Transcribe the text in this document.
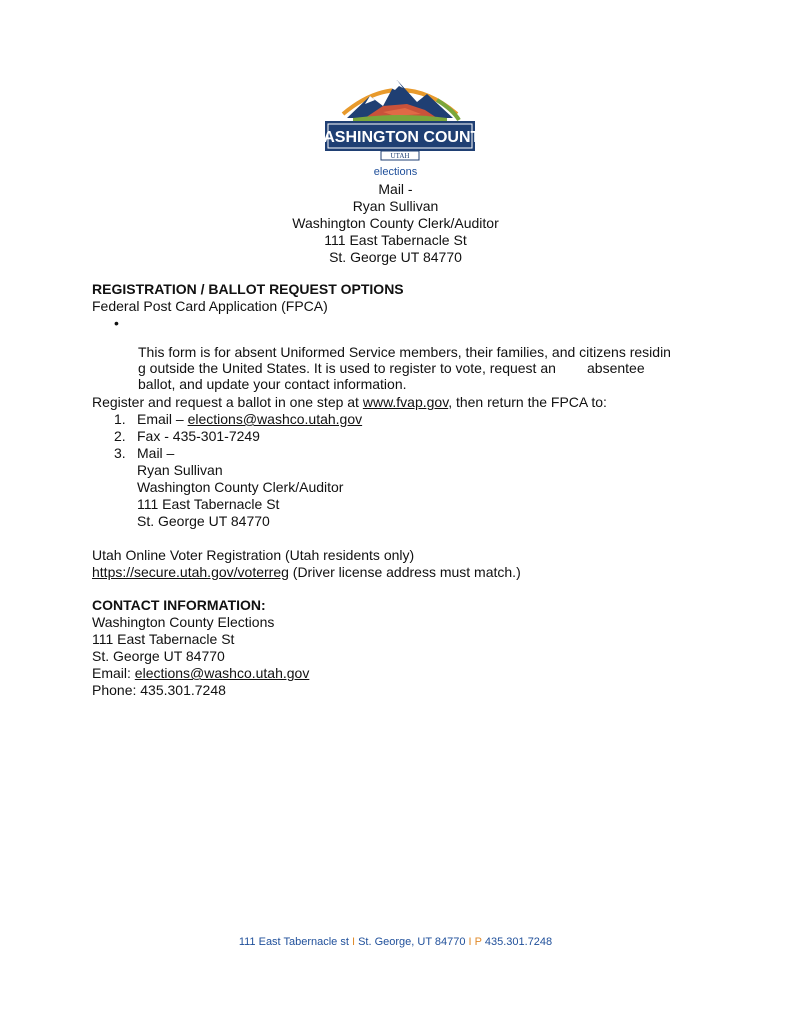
WASHINGTON COUNTY
UTAH
elections
Mail -
Ryan Sullivan
Washington County Clerk/Auditor
111 East Tabernacle St
St. George UT 84770
REGISTRATION / BALLOT REQUEST OPTIONS
Federal Post Card Application (FPCA)
•
This form is for absent Uniformed Service members, their families, and citizens residin
g outside the United States. It is used to register to vote, request an        absentee
ballot, and update your contact information.
Register and request a ballot in one step at www.fvap.gov, then return the FPCA to:
1. Email – elections@washco.utah.gov
2. Fax - 435-301-7249
3. Mail –
Ryan Sullivan
Washington County Clerk/Auditor
111 East Tabernacle St
St. George UT 84770
Utah Online Voter Registration (Utah residents only)
https://secure.utah.gov/voterreg (Driver license address must match.)
CONTACT INFORMATION:
Washington County Elections
111 East Tabernacle St
St. George UT 84770
Email: elections@washco.utah.gov
Phone: 435.301.7248
111 East Tabernacle st I St. George, UT 84770 I P 435.301.7248
